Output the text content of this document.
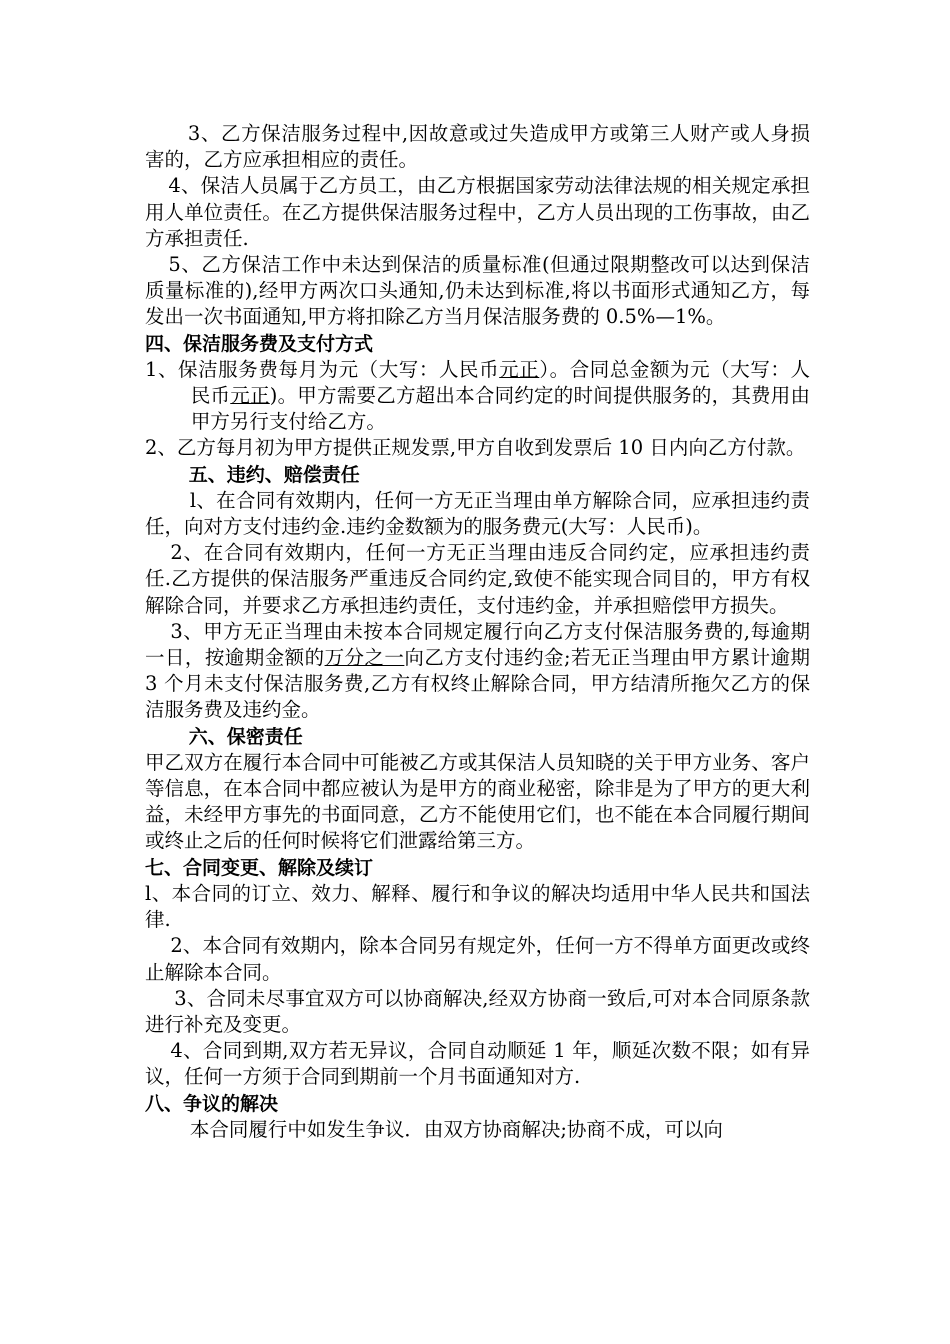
3、乙方保洁服务过程中,因故意或过失造成甲方或第三人财产或人身损害的，乙方应承担相应的责任。

4、保洁人员属于乙方员工，由乙方根据国家劳动法律法规的相关规定承担用人单位责任。在乙方提供保洁服务过程中，乙方人员出现的工伤事故，由乙方承担责任.

5、乙方保洁工作中未达到保洁的质量标准(但通过限期整改可以达到保洁质量标准的),经甲方两次口头通知,仍未达到标准,将以书面形式通知乙方，每发出一次书面通知,甲方将扣除乙方当月保洁服务费的 0.5%—1%。

四、保洁服务费及支付方式

1、保洁服务费每月为元（大写：人民币元正）。合同总金额为元（大写：人民币元正)。甲方需要乙方超出本合同约定的时间提供服务的，其费用由甲方另行支付给乙方。

2、乙方每月初为甲方提供正规发票,甲方自收到发票后 10 日内向乙方付款。

五、违约、赔偿责任

l、在合同有效期内，任何一方无正当理由单方解除合同，应承担违约责任，向对方支付违约金.违约金数额为的服务费元(大写：人民币)。

2、在合同有效期内，任何一方无正当理由违反合同约定，应承担违约责任.乙方提供的保洁服务严重违反合同约定,致使不能实现合同目的，甲方有权解除合同，并要求乙方承担违约责任，支付违约金，并承担赔偿甲方损失。

3、甲方无正当理由未按本合同规定履行向乙方支付保洁服务费的,每逾期一日，按逾期金额的万分之一向乙方支付违约金;若无正当理由甲方累计逾期 3 个月未支付保洁服务费,乙方有权终止解除合同，甲方结清所拖欠乙方的保洁服务费及违约金。

六、保密责任

甲乙双方在履行本合同中可能被乙方或其保洁人员知晓的关于甲方业务、客户等信息，在本合同中都应被认为是甲方的商业秘密，除非是为了甲方的更大利益，未经甲方事先的书面同意，乙方不能使用它们，也不能在本合同履行期间或终止之后的任何时候将它们泄露给第三方。

七、合同变更、解除及续订

l、本合同的订立、效力、解释、履行和争议的解决均适用中华人民共和国法律.

2、本合同有效期内，除本合同另有规定外，任何一方不得单方面更改或终止解除本合同。

3、合同未尽事宜双方可以协商解决,经双方协商一致后,可对本合同原条款进行补充及变更。

4、合同到期,双方若无异议，合同自动顺延 1 年，顺延次数不限；如有异议，任何一方须于合同到期前一个月书面通知对方.

八、争议的解决

本合同履行中如发生争议．由双方协商解决;协商不成，可以向
